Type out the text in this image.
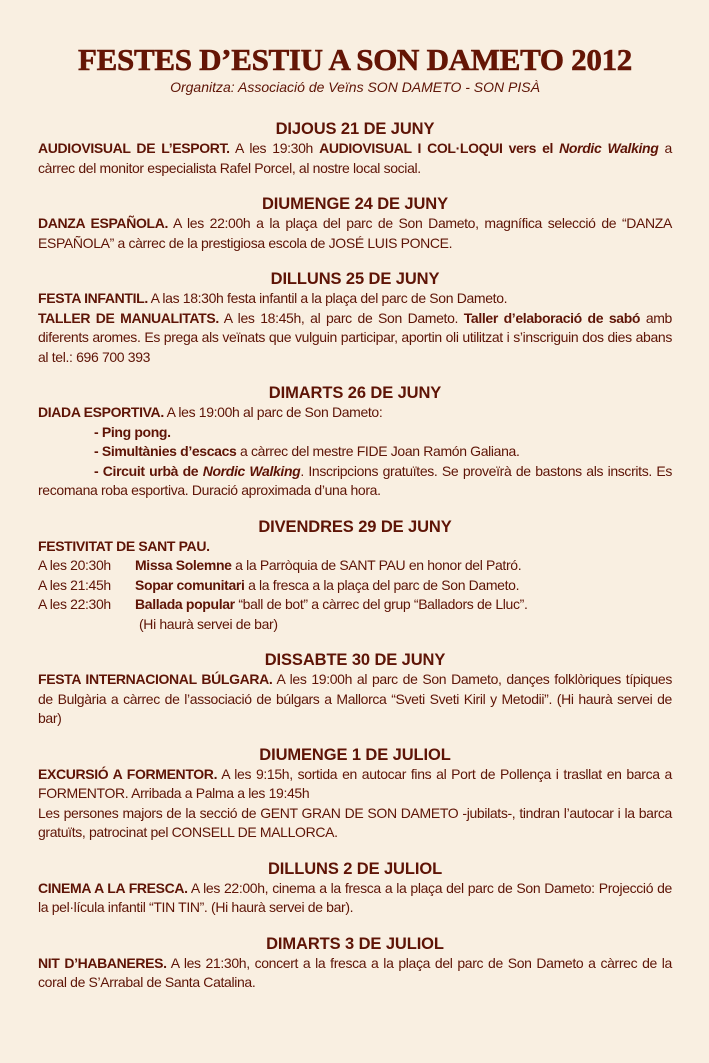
FESTES D’ESTIU A SON DAMETO 2012
Organitza: Associació de Veïns SON DAMETO - SON PISÀ
DIJOUS 21 DE JUNY
AUDIOVISUAL DE L’ESPORT. A les 19:30h AUDIOVISUAL I COL·LOQUI vers el Nordic Walking a càrrec del monitor especialista Rafel Porcel, al nostre local social.
DIUMENGE 24 DE JUNY
DANZA ESPAÑOLA. A les 22:00h a la plaça del parc de Son Dameto, magnífica selecció de “DANZA ESPAÑOLA” a càrrec de la prestigiosa escola de JOSÉ LUIS PONCE.
DILLUNS 25 DE JUNY
FESTA INFANTIL. A las 18:30h festa infantil a la plaça del parc de Son Dameto.
TALLER DE MANUALITATS. A les 18:45h, al parc de Son Dameto. Taller d’elaboració de sabó amb diferents aromes. Es prega als veïnats que vulguin participar, aportin oli utilitzat i s’inscriguin dos dies abans al tel.: 696 700 393
DIMARTS 26 DE JUNY
DIADA ESPORTIVA. A les 19:00h al parc de Son Dameto:
- Ping pong.
- Simultànies d’escacs a càrrec del mestre FIDE Joan Ramón Galiana.
- Circuit urbà de Nordic Walking. Inscripcions gratuïtes. Se proveïrà de bastons als inscrits. Es recomana roba esportiva. Duració aproximada d’una hora.
DIVENDRES 29 DE JUNY
FESTIVITAT DE SANT PAU.
A les 20:30h	Missa Solemne a la Parròquia de SANT PAU en honor del Patró.
A les 21:45h	Sopar comunitari a la fresca a la plaça del parc de Son Dameto.
A les 22:30h	Ballada popular “ball de bot” a càrrec del grup “Balladors de Lluc”.
(Hi haurà servei de bar)
DISSABTE 30 DE JUNY
FESTA INTERNACIONAL BÚLGARA. A les 19:00h al parc de Son Dameto, dançes folklòriques típiques de Bulgària a càrrec de l’associació de búlgars a Mallorca “Sveti Sveti Kiril y Metodii”. (Hi haurà servei de bar)
DIUMENGE 1 DE JULIOL
EXCURSIÓ A FORMENTOR. A les 9:15h, sortida en autocar fins al Port de Pollença i trasllat en barca a FORMENTOR. Arribada a Palma a les 19:45h
Les persones majors de la secció de GENT GRAN DE SON DAMETO -jubilats-, tindran l’autocar i la barca gratuïts, patrocinat pel CONSELL DE MALLORCA.
DILLUNS 2 DE JULIOL
CINEMA A LA FRESCA. A les 22:00h, cinema a la fresca a la plaça del parc de Son Dameto: Projecció de la pel·lícula infantil “TIN TIN”. (Hi haurà servei de bar).
DIMARTS 3 DE JULIOL
NIT D’HABANERES. A les 21:30h, concert a la fresca a la plaça del parc de Son Dameto a càrrec de la coral de S’Arrabal de Santa Catalina.
